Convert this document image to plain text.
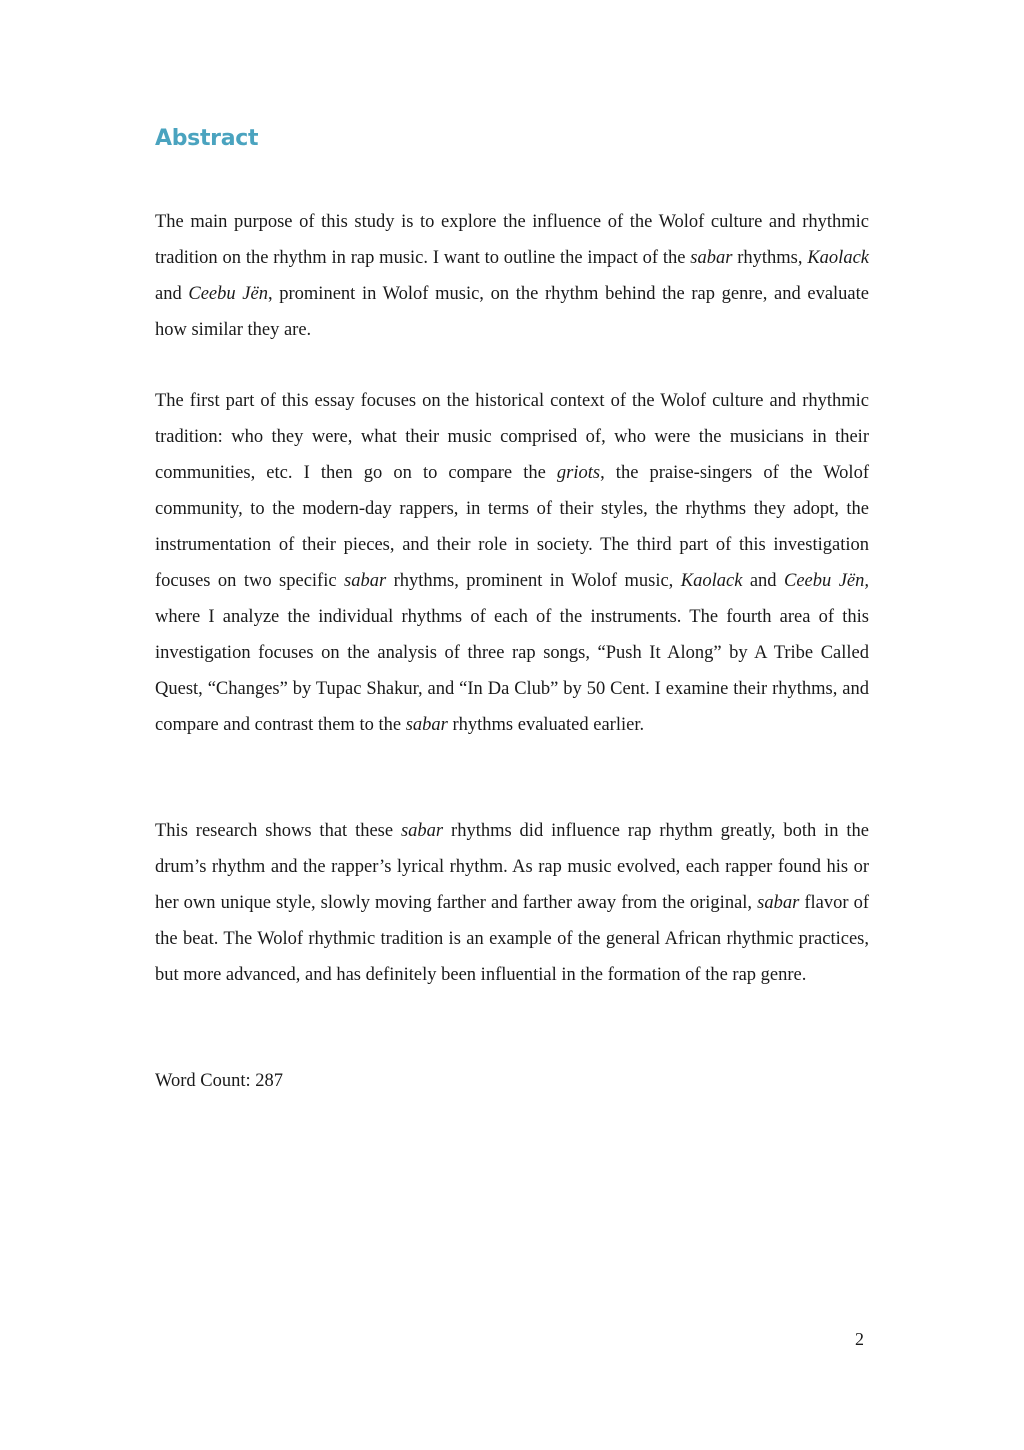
Abstract

The main purpose of this study is to explore the influence of the Wolof culture and rhythmic tradition on the rhythm in rap music. I want to outline the impact of the sabar rhythms, Kaolack and Ceebu Jën, prominent in Wolof music, on the rhythm behind the rap genre, and evaluate how similar they are.

The first part of this essay focuses on the historical context of the Wolof culture and rhythmic tradition: who they were, what their music comprised of, who were the musicians in their communities, etc. I then go on to compare the griots, the praise-singers of the Wolof community, to the modern-day rappers, in terms of their styles, the rhythms they adopt, the instrumentation of their pieces, and their role in society. The third part of this investigation focuses on two specific sabar rhythms, prominent in Wolof music, Kaolack and Ceebu Jën, where I analyze the individual rhythms of each of the instruments. The fourth area of this investigation focuses on the analysis of three rap songs, “Push It Along” by A Tribe Called Quest, “Changes” by Tupac Shakur, and “In Da Club” by 50 Cent. I examine their rhythms, and compare and contrast them to the sabar rhythms evaluated earlier.

This research shows that these sabar rhythms did influence rap rhythm greatly, both in the drum’s rhythm and the rapper’s lyrical rhythm. As rap music evolved, each rapper found his or her own unique style, slowly moving farther and farther away from the original, sabar flavor of the beat. The Wolof rhythmic tradition is an example of the general African rhythmic practices, but more advanced, and has definitely been influential in the formation of the rap genre.

Word Count: 287

2
